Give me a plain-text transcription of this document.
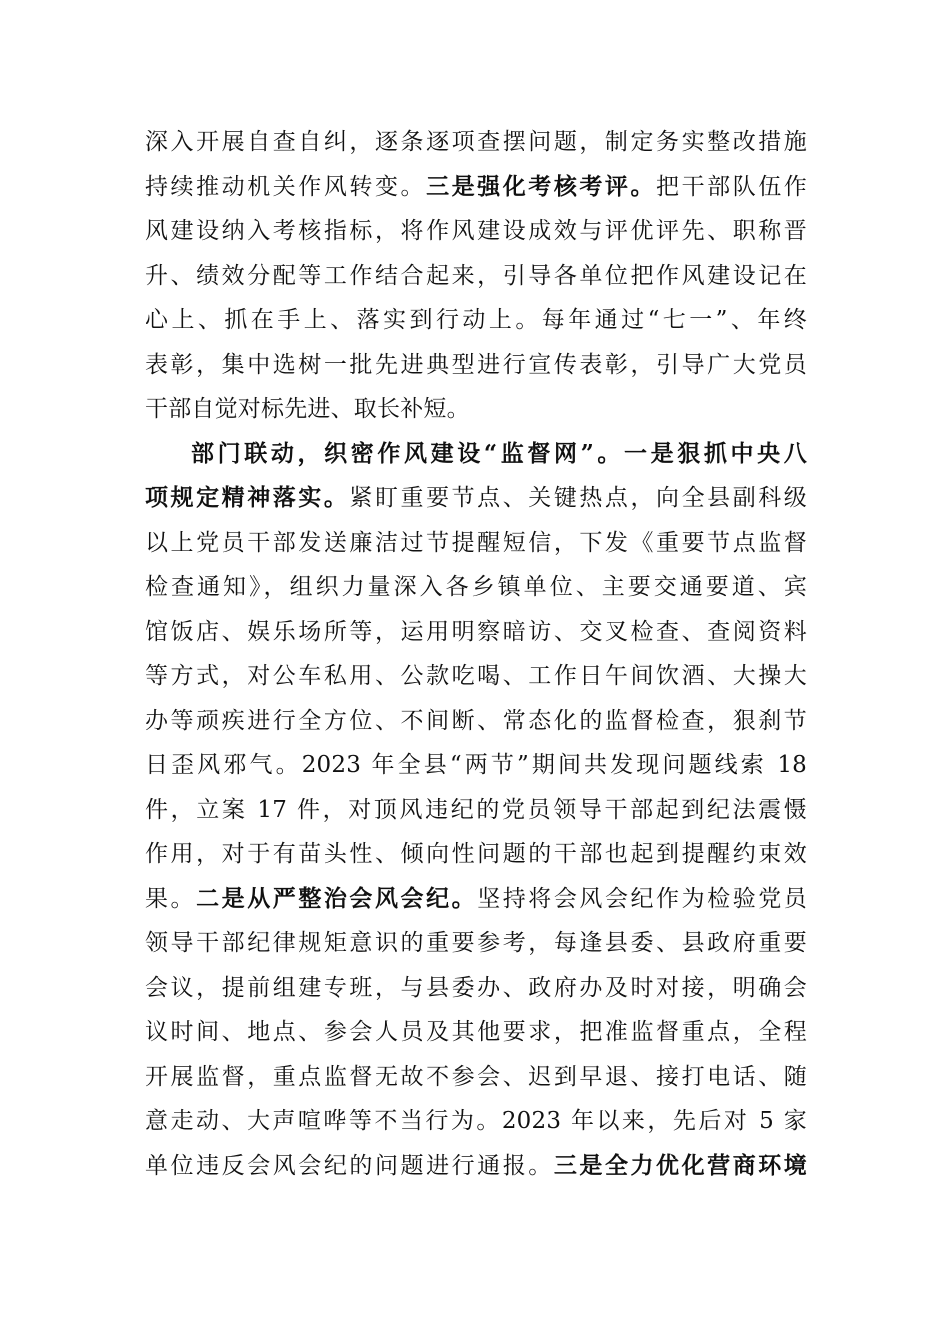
深入开展自查自纠，逐条逐项查摆问题，制定务实整改措施
持续推动机关作风转变。三是强化考核考评。把干部队伍作
风建设纳入考核指标，将作风建设成效与评优评先、职称晋
升、绩效分配等工作结合起来，引导各单位把作风建设记在
心上、抓在手上、落实到行动上。每年通过“七一”、年终
表彰，集中选树一批先进典型进行宣传表彰，引导广大党员
干部自觉对标先进、取长补短。
部门联动，织密作风建设“监督网”。一是狠抓中央八
项规定精神落实。紧盯重要节点、关键热点，向全县副科级
以上党员干部发送廉洁过节提醒短信，下发《重要节点监督
检查通知》，组织力量深入各乡镇单位、主要交通要道、宾
馆饭店、娱乐场所等，运用明察暗访、交叉检查、查阅资料
等方式，对公车私用、公款吃喝、工作日午间饮酒、大操大
办等顽疾进行全方位、不间断、常态化的监督检查，狠刹节
日歪风邪气。2023 年全县“两节”期间共发现问题线索 18
件，立案 17 件，对顶风违纪的党员领导干部起到纪法震慑
作用，对于有苗头性、倾向性问题的干部也起到提醒约束效
果。二是从严整治会风会纪。坚持将会风会纪作为检验党员
领导干部纪律规矩意识的重要参考，每逢县委、县政府重要
会议，提前组建专班，与县委办、政府办及时对接，明确会
议时间、地点、参会人员及其他要求，把准监督重点，全程
开展监督，重点监督无故不参会、迟到早退、接打电话、随
意走动、大声喧哗等不当行为。2023 年以来，先后对 5 家
单位违反会风会纪的问题进行通报。三是全力优化营商环境
